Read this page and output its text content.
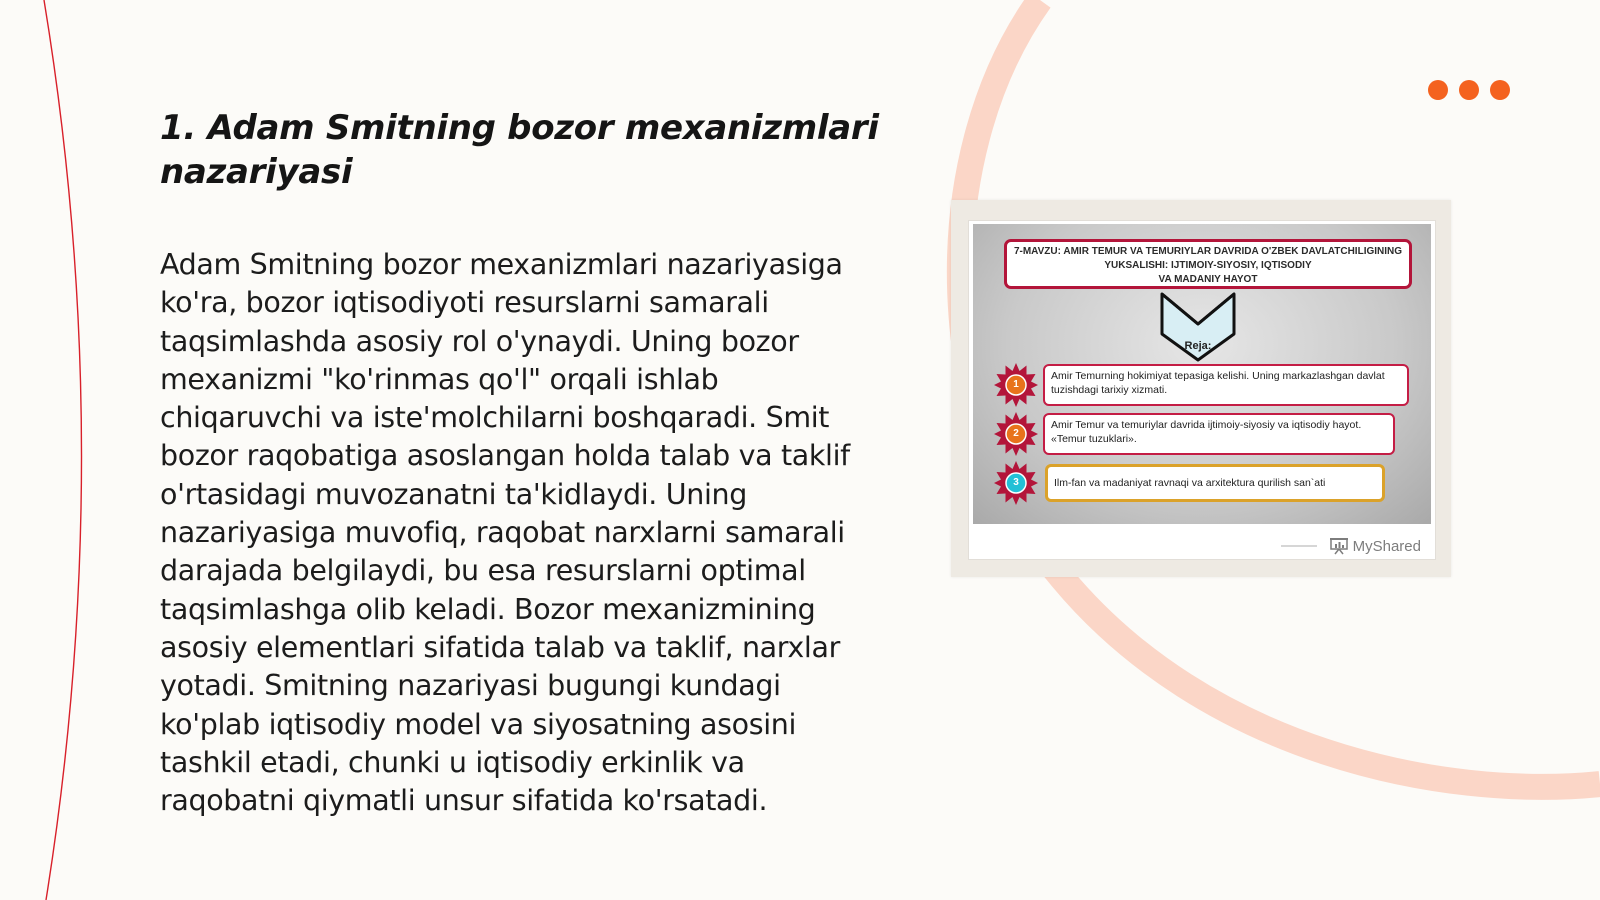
1. Adam Smitning bozor mexanizmlari nazariyasi

Adam Smitning bozor mexanizmlari nazariyasiga ko'ra, bozor iqtisodiyoti resurslarni samarali taqsimlashda asosiy rol o'ynaydi. Uning bozor mexanizmi "ko'rinmas qo'l" orqali ishlab chiqaruvchi va iste'molchilarni boshqaradi. Smit bozor raqobatiga asoslangan holda talab va taklif o'rtasidagi muvozanatni ta'kidlaydi. Uning nazariyasiga muvofiq, raqobat narxlarni samarali darajada belgilaydi, bu esa resurslarni optimal taqsimlashga olib keladi. Bozor mexanizmining asosiy elementlari sifatida talab va taklif, narxlar yotadi. Smitning nazariyasi bugungi kundagi ko'plab iqtisodiy model va siyosatning asosini tashkil etadi, chunki u iqtisodiy erkinlik va raqobatni qiymatli unsur sifatida ko'rsatadi.

7-MAVZU: AMIR TEMUR VA TEMURIYLAR DAVRIDA O'ZBEK DAVLATCHILIGINING
YUKSALISHI: IJTIMOIY-SIYOSIY, IQTISODIY
VA MADANIY HAYOT
Reja:
1
Amir Temurning hokimiyat tepasiga kelishi. Uning markazlashgan davlat tuzishdagi tarixiy xizmati.
2
Amir Temur va temuriylar davrida ijtimoiy-siyosiy va iqtisodiy hayot. «Temur tuzuklari».
3	Ilm-fan va madaniyat ravnaqi va arxitektura qurilish san`ati
MyShared
